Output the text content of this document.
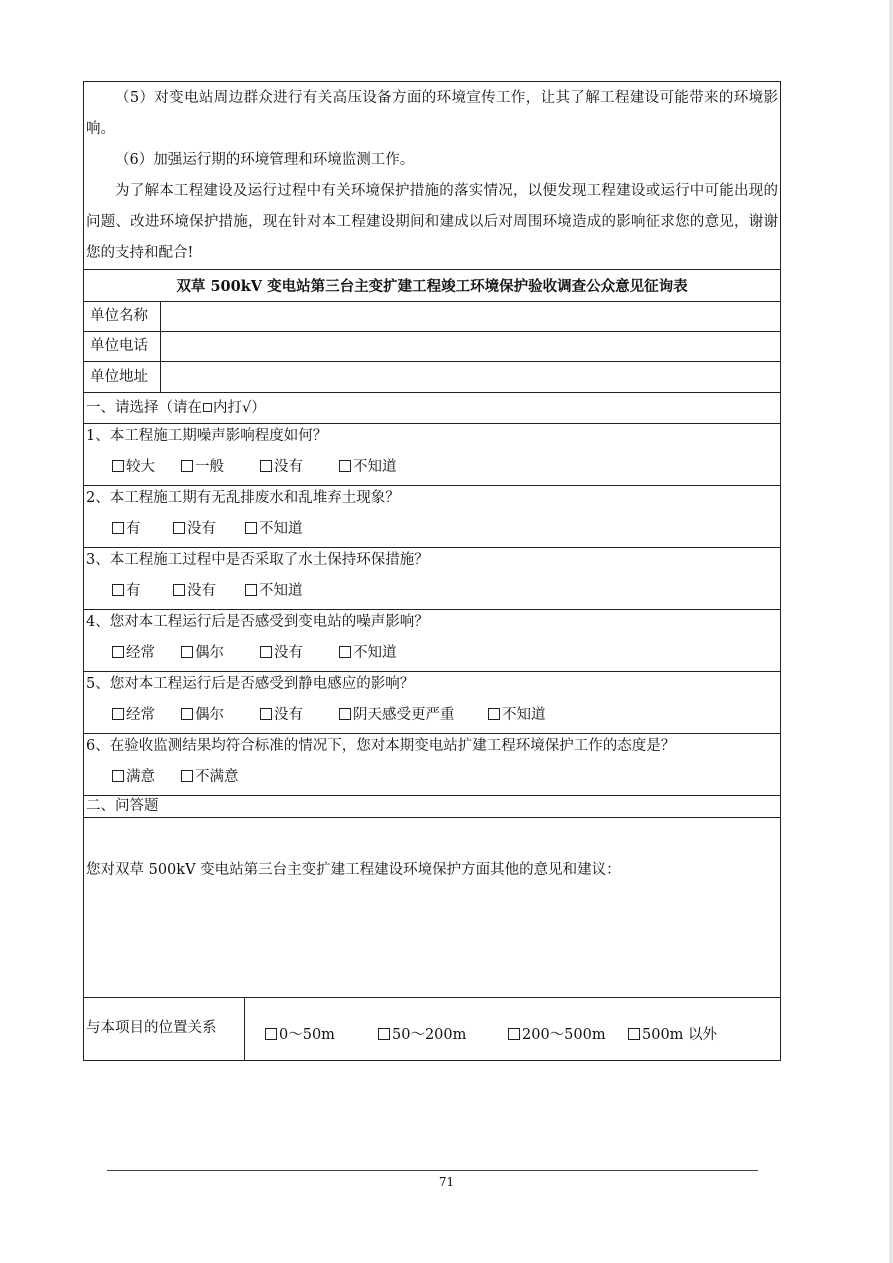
（5）对变电站周边群众进行有关高压设备方面的环境宣传工作，让其了解工程建设可能带来的环境影响。

（6）加强运行期的环境管理和环境监测工作。

为了解本工程建设及运行过程中有关环境保护措施的落实情况，以便发现工程建设或运行中可能出现的问题、改进环境保护措施，现在针对本工程建设期间和建成以后对周围环境造成的影响征求您的意见，谢谢您的支持和配合!

双草 500kV 变电站第三台主变扩建工程竣工环境保护验收调查公众意见征询表
单位名称
单位电话
单位地址
一、请选择（请在 内打√）
1、本工程施工期噪声影响程度如何？
较大	一般	没有	不知道
2、本工程施工期有无乱排废水和乱堆弃土现象？
有	没有	不知道
3、本工程施工过程中是否采取了水土保持环保措施？
有	没有	不知道
4、您对本工程运行后是否感受到变电站的噪声影响？
经常	偶尔	没有	不知道
5、您对本工程运行后是否感受到静电感应的影响？
经常	偶尔	没有	阴天感受更严重	不知道
6、在验收监测结果均符合标准的情况下，您对本期变电站扩建工程环境保护工作的态度是？
满意	不满意
二、问答题
您对双草 500kV 变电站第三台主变扩建工程建设环境保护方面其他的意见和建议：
与本项目的位置关系	0～50m	50～200m	200～500m	500m 以外
71
